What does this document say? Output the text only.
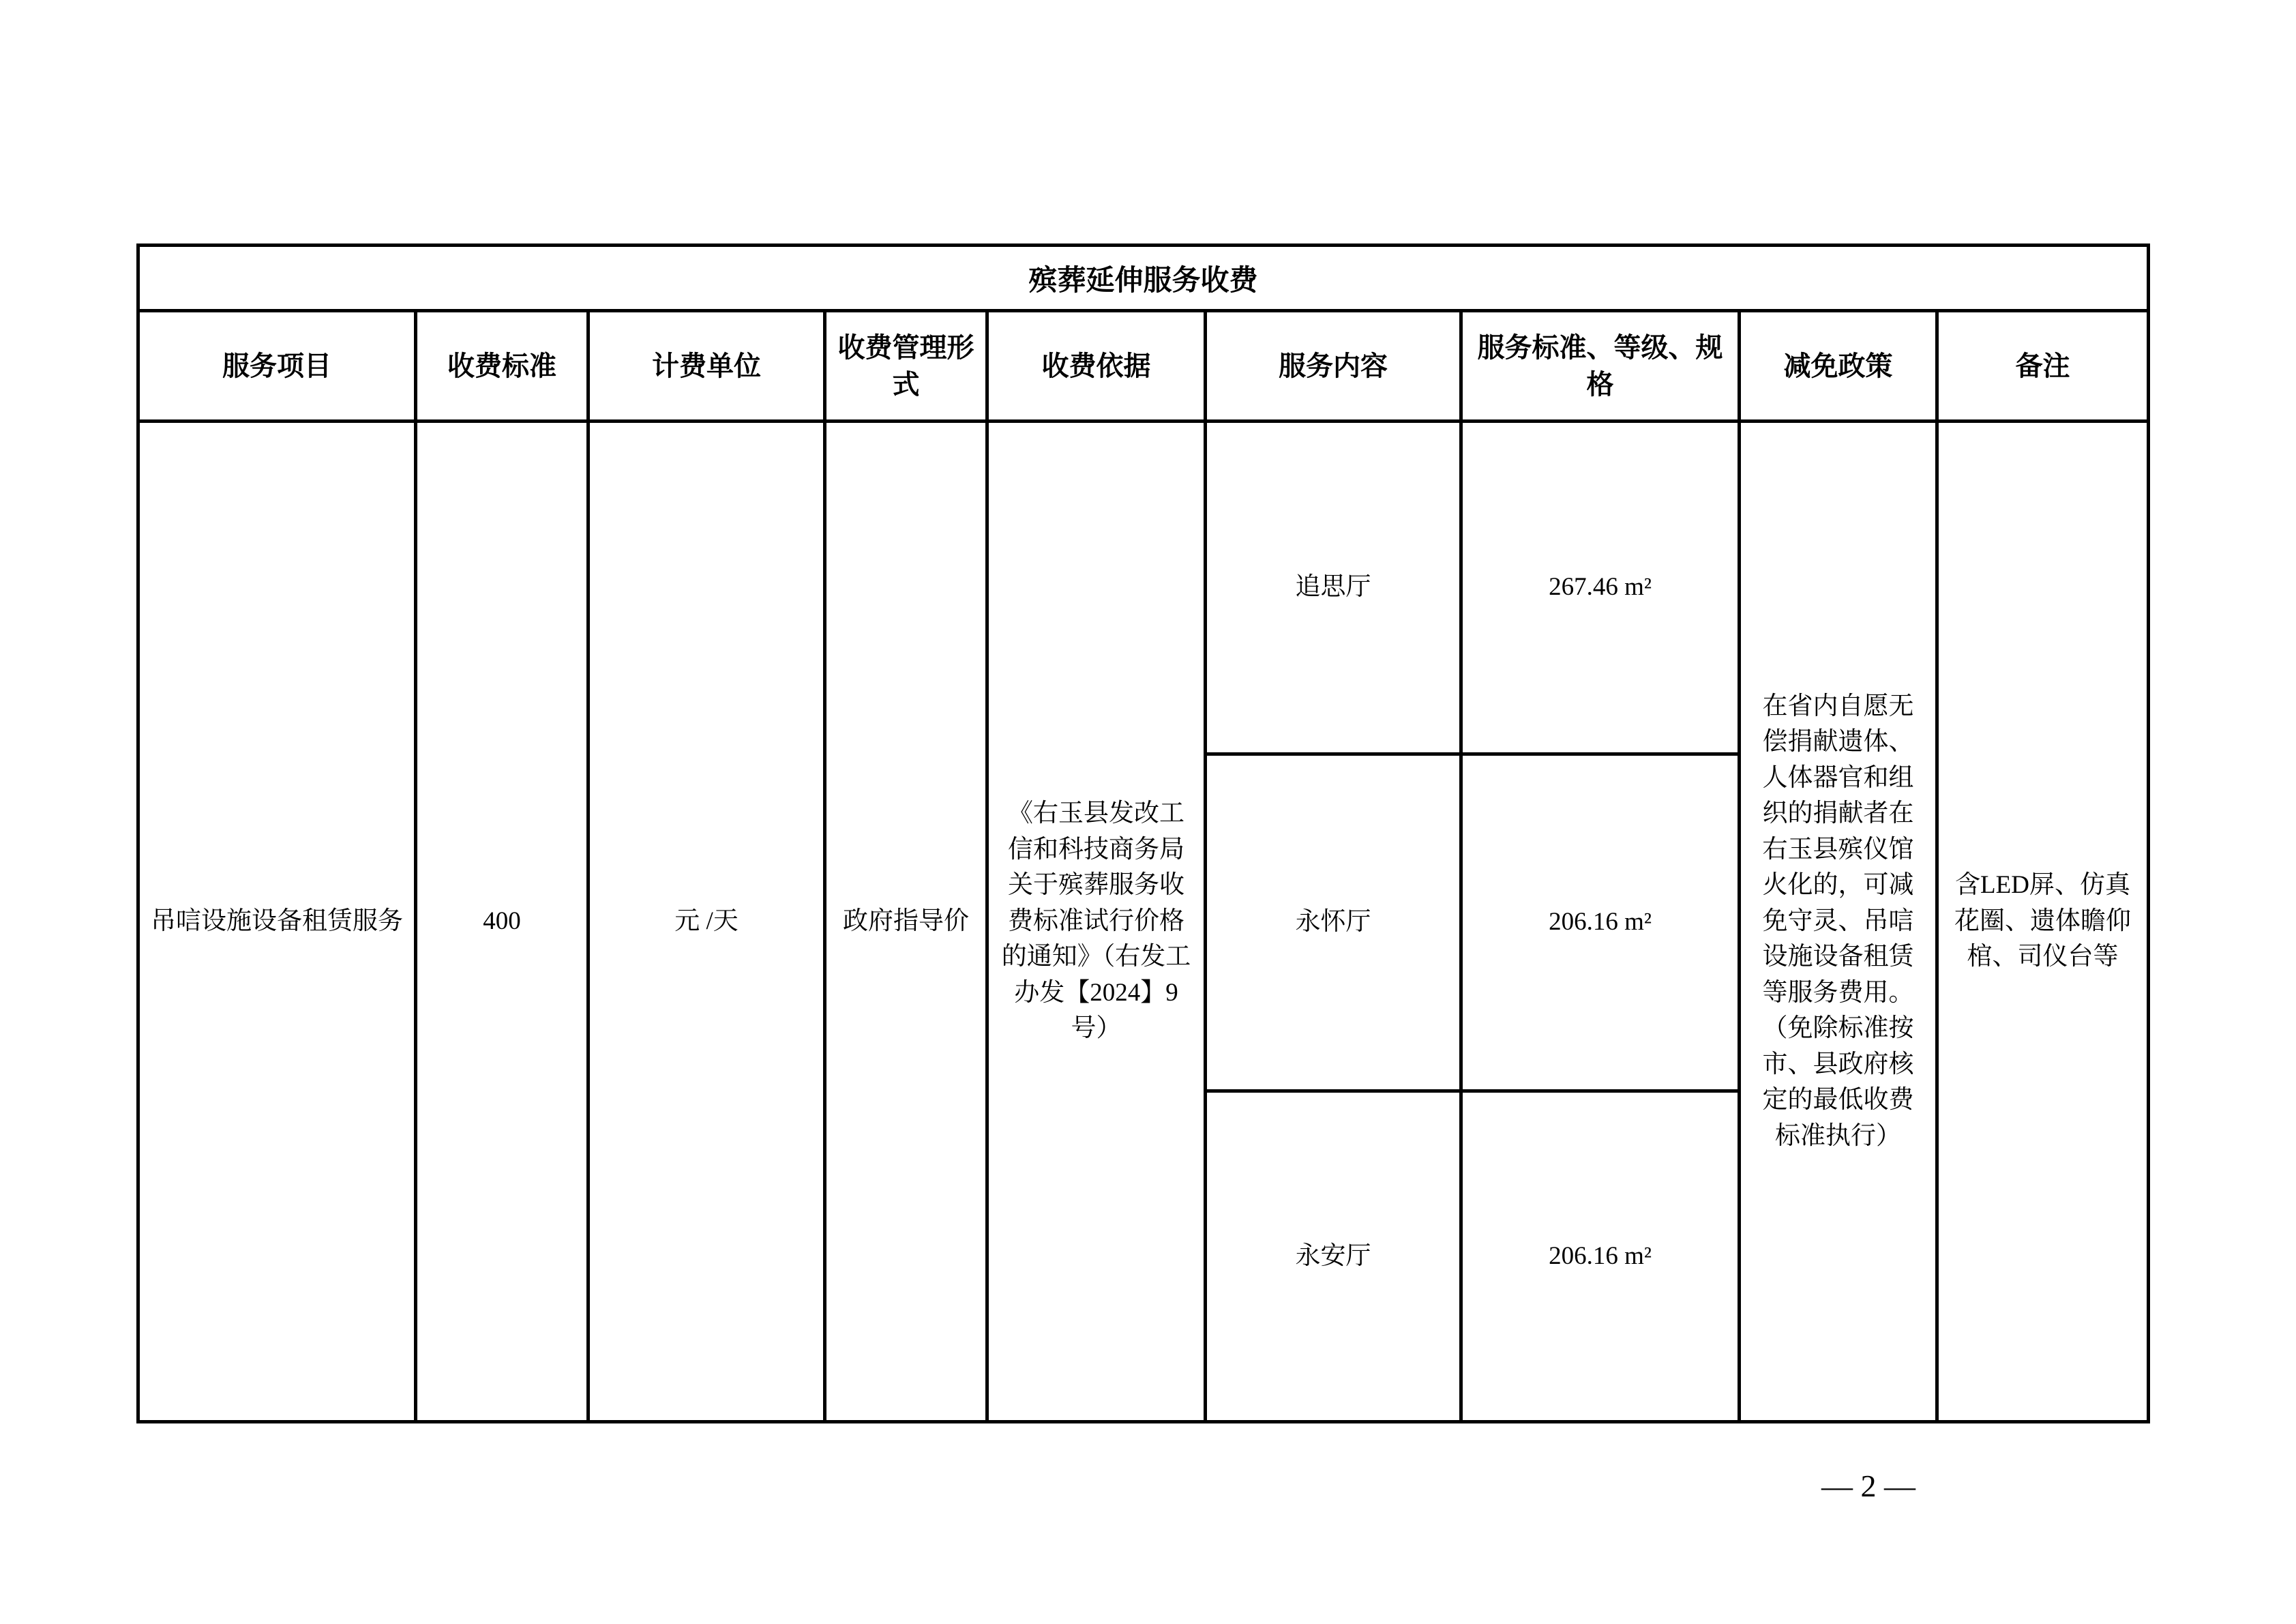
殡葬延伸服务收费								
服务项目	收费标准	计费单位	收费管理形式	收费依据	服务内容	服务标准、等级、规格	减免政策	备注
吊唁设施设备租赁服务	400	元 /天	政府指导价	《右玉县发改工信和科技商务局关于殡葬服务收费标准试行价格的通知》（右发工办发【2024】9号）	追思厅	267.46 m²	在省内自愿无偿捐献遗体、人体器官和组织的捐献者在右玉县殡仪馆火化的，可减免守灵、吊唁设施设备租赁等服务费用。（免除标准按市、县政府核定的最低收费标准执行）	含LED屏、仿真花圈、遗体瞻仰棺、司仪台等
					永怀厅	206.16 m²		
					永安厅	206.16 m²		
— 2 —
